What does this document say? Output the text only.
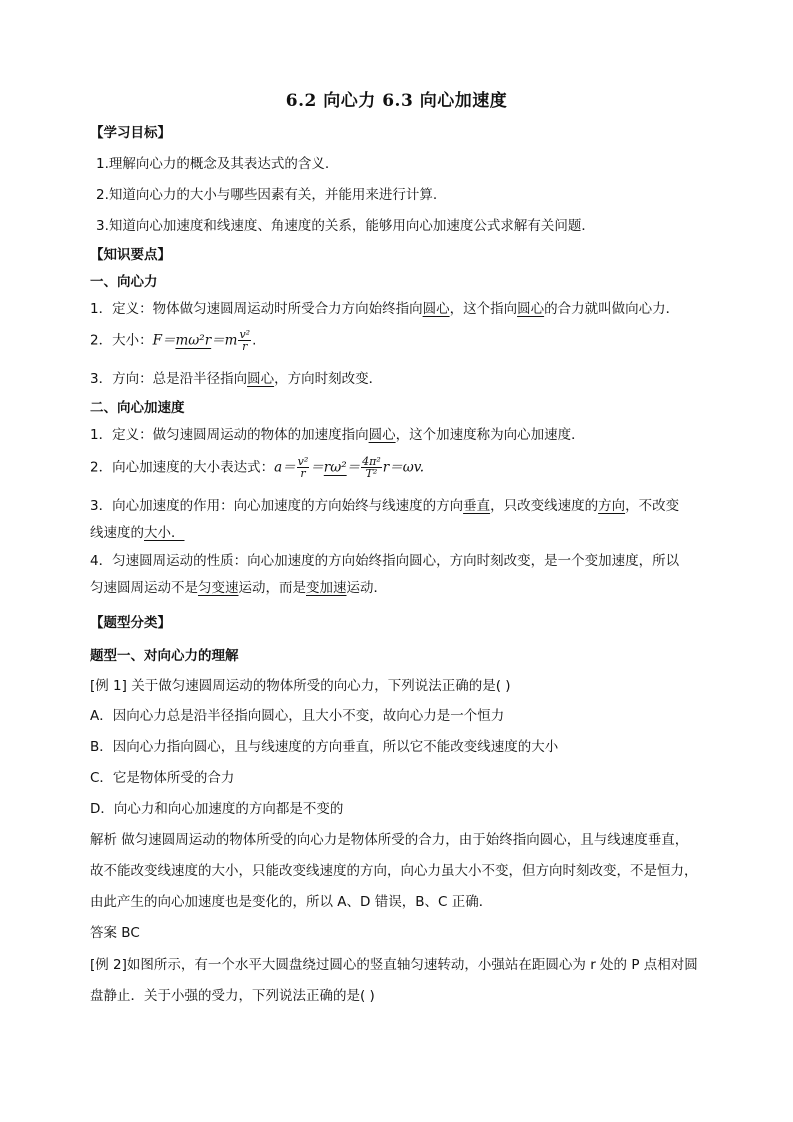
6.2 向心力 6.3 向心加速度
【学习目标】
1.理解向心力的概念及其表达式的含义.
2.知道向心力的大小与哪些因素有关，并能用来进行计算.
3.知道向心加速度和线速度、角速度的关系，能够用向心加速度公式求解有关问题．
【知识要点】
一、向心力
1．定义：物体做匀速圆周运动时所受合力方向始终指向圆心，这个指向圆心的合力就叫做向心力．
2．大小：$F=m\omega^2r=m \frac{\text{v²}}{r}$ .
3．方向：总是沿半径指向圆心，方向时刻改变．
二、向心加速度
1．定义：做匀速圆周运动的物体的加速度指向圆心，这个加速度称为向心加速度．
2．向心加速度的大小表达式：$a= \frac{\text{v²}}{r} =r\omega^2= \frac{\text{4π²}}{\text{T²}} r=\omega v$.
3．向心加速度的作用：向心加速度的方向始终与线速度的方向垂直，只改变线速度的方向，不改变
线速度的大小．
4．匀速圆周运动的性质：向心加速度的方向始终指向圆心，方向时刻改变，是一个变加速度，所以
匀速圆周运动不是匀变速运动，而是变加速运动．
【题型分类】
题型一、对向心力的理解
[例 1] 关于做匀速圆周运动的物体所受的向心力，下列说法正确的是( )
A．因向心力总是沿半径指向圆心，且大小不变，故向心力是一个恒力
B．因向心力指向圆心，且与线速度的方向垂直，所以它不能改变线速度的大小
C．它是物体所受的合力
D．向心力和向心加速度的方向都是不变的
解析 做匀速圆周运动的物体所受的向心力是物体所受的合力，由于始终指向圆心，且与线速度垂直，
故不能改变线速度的大小，只能改变线速度的方向，向心力虽大小不变，但方向时刻改变，不是恒力，
由此产生的向心加速度也是变化的，所以 A、D 错误，B、C 正确．
答案 BC
[例 2]如图所示，有一个水平大圆盘绕过圆心的竖直轴匀速转动，小强站在距圆心为 r 处的 P 点相对圆
盘静止．关于小强的受力，下列说法正确的是( )
